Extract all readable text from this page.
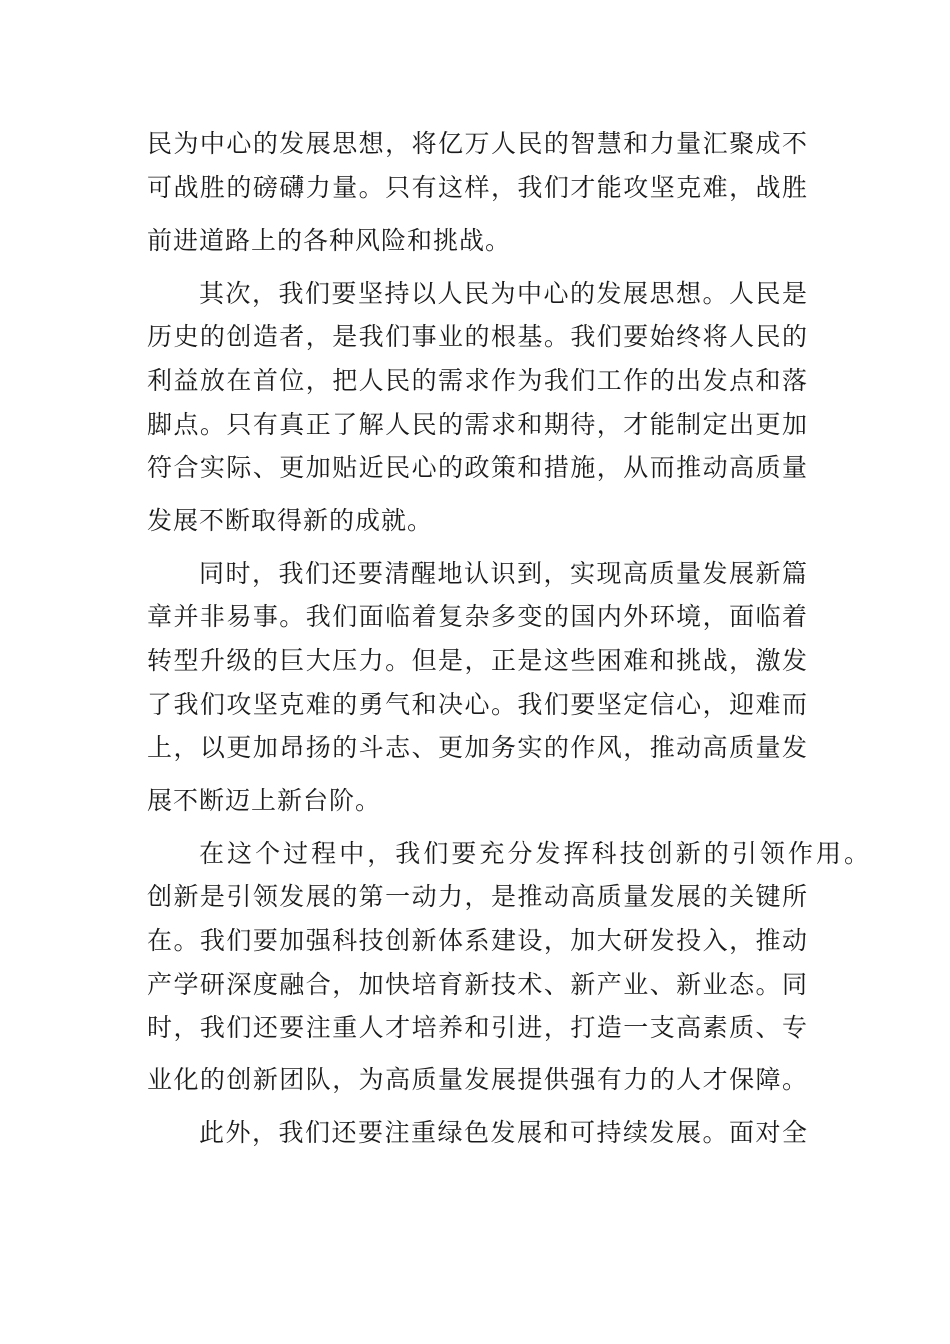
民为中心的发展思想，将亿万人民的智慧和力量汇聚成不
可战胜的磅礴力量。只有这样，我们才能攻坚克难，战胜
前进道路上的各种风险和挑战。
其次，我们要坚持以人民为中心的发展思想。人民是
历史的创造者，是我们事业的根基。我们要始终将人民的
利益放在首位，把人民的需求作为我们工作的出发点和落
脚点。只有真正了解人民的需求和期待，才能制定出更加
符合实际、更加贴近民心的政策和措施，从而推动高质量
发展不断取得新的成就。
同时，我们还要清醒地认识到，实现高质量发展新篇
章并非易事。我们面临着复杂多变的国内外环境，面临着
转型升级的巨大压力。但是，正是这些困难和挑战，激发
了我们攻坚克难的勇气和决心。我们要坚定信心，迎难而
上，以更加昂扬的斗志、更加务实的作风，推动高质量发
展不断迈上新台阶。
在这个过程中，我们要充分发挥科技创新的引领作用。
创新是引领发展的第一动力，是推动高质量发展的关键所
在。我们要加强科技创新体系建设，加大研发投入，推动
产学研深度融合，加快培育新技术、新产业、新业态。同
时，我们还要注重人才培养和引进，打造一支高素质、专
业化的创新团队，为高质量发展提供强有力的人才保障。
此外，我们还要注重绿色发展和可持续发展。面对全
